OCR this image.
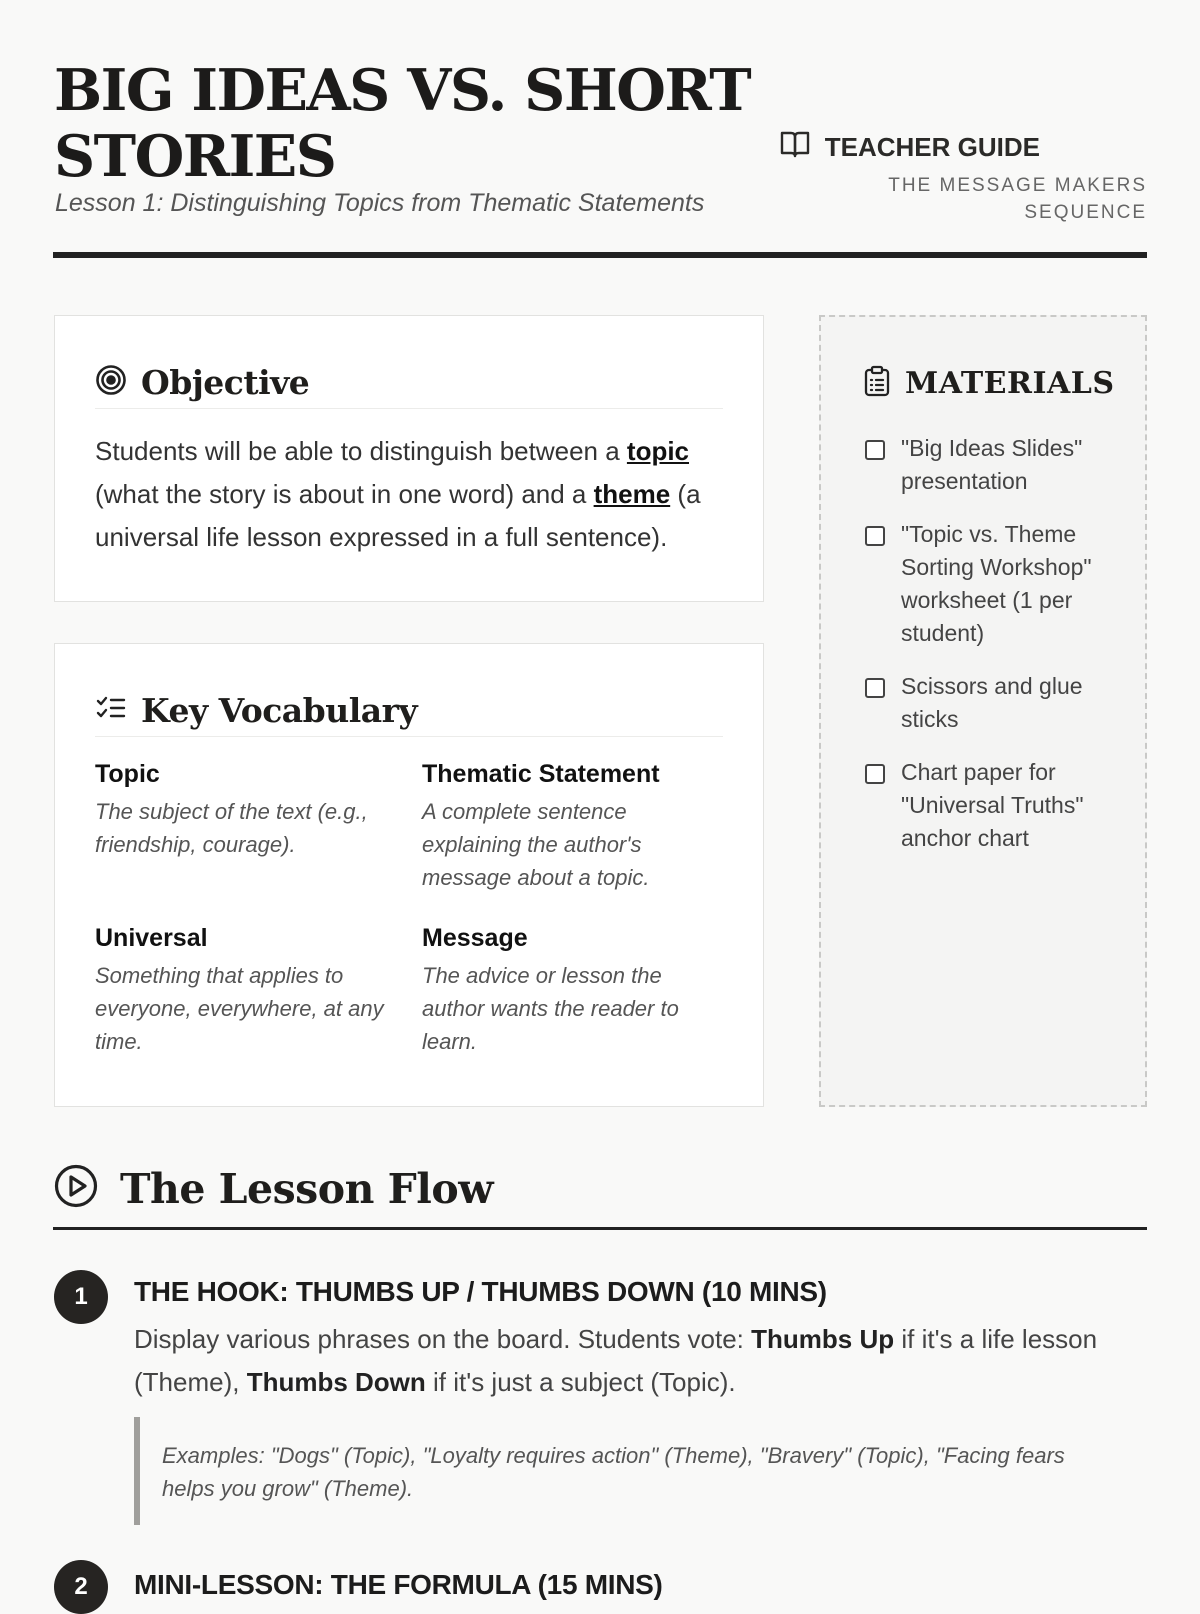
BIG IDEAS VS. SHORT STORIES
Lesson 1: Distinguishing Topics from Thematic Statements
TEACHER GUIDE
THE MESSAGE MAKERS SEQUENCE
Objective

Students will be able to distinguish between a topic (what the story is about in one word) and a theme (a universal life lesson expressed in a full sentence).

Key Vocabulary
Topic
The subject of the text (e.g., friendship, courage).
Thematic Statement
A complete sentence explaining the author's message about a topic.
Universal
Something that applies to everyone, everywhere, at any time.
Message
The advice or lesson the author wants the reader to learn.
MATERIALS
"Big Ideas Slides" presentation
"Topic vs. Theme Sorting Workshop" worksheet (1 per student)
Scissors and glue sticks
Chart paper for "Universal Truths" anchor chart
The Lesson Flow
1	THE HOOK: THUMBS UP / THUMBS DOWN (10 MINS)

Display various phrases on the board. Students vote: Thumbs Up if it's a life lesson (Theme), Thumbs Down if it's just a subject (Topic).

Examples: "Dogs" (Topic), "Loyalty requires action" (Theme), "Bravery" (Topic), "Facing fears helps you grow" (Theme).
2	MINI-LESSON: THE FORMULA (15 MINS)
